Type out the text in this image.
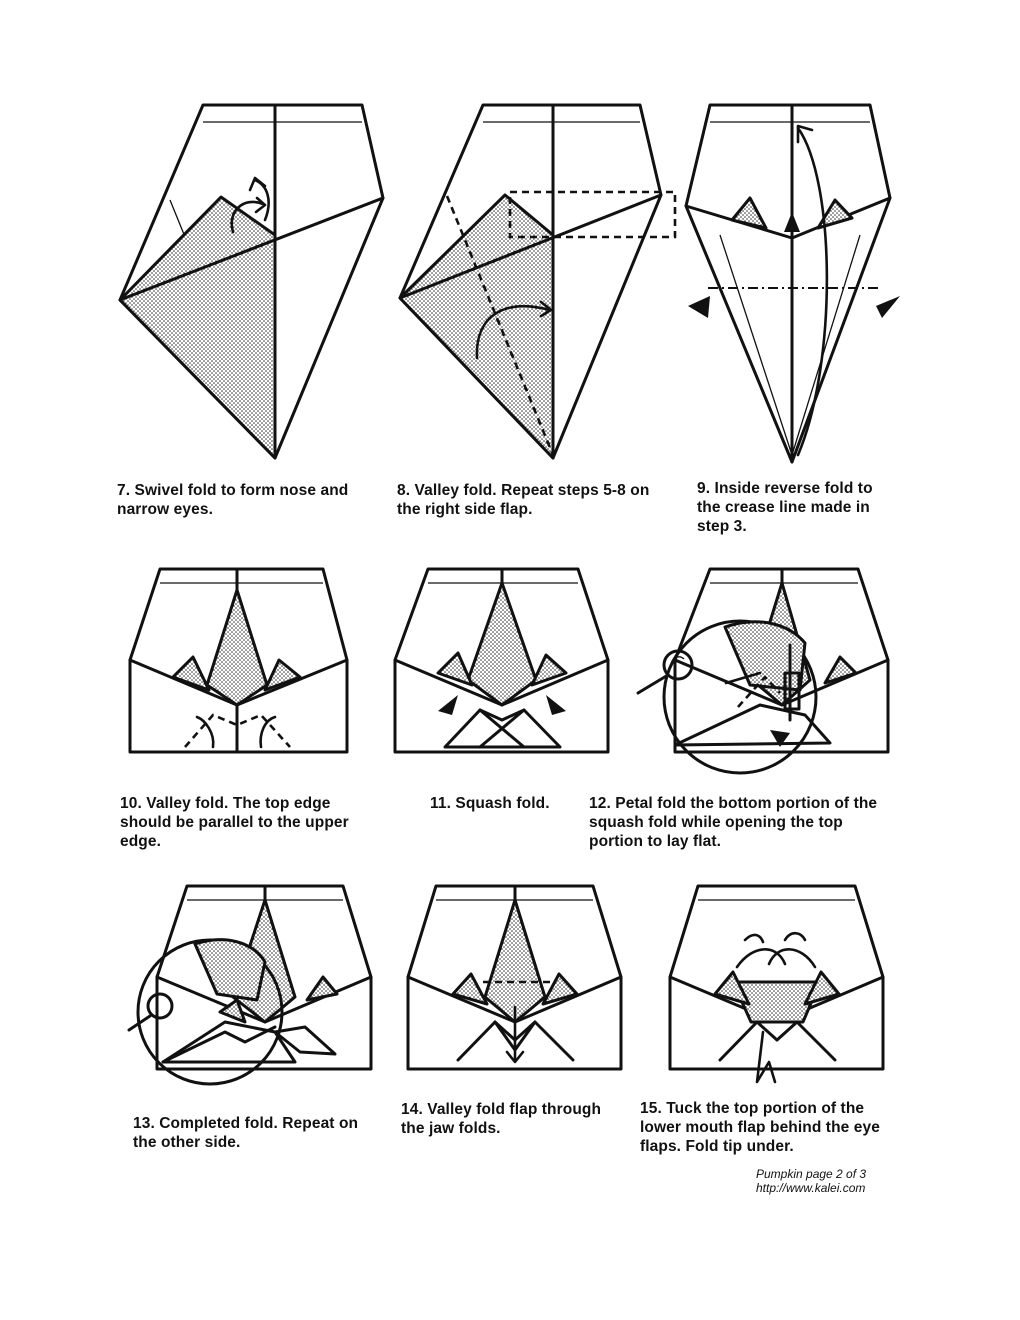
7. Swivel fold to form nose and
narrow eyes.
8. Valley fold. Repeat steps 5-8 on
the right side flap.
9. Inside reverse fold to
the crease line made in
step 3.
10. Valley fold. The top edge
should be parallel to the upper
edge.
11. Squash fold.	12. Petal fold the bottom portion of the
squash fold while opening the top
portion to lay flat.
13. Completed fold. Repeat on
the other side.
14. Valley fold flap through
the jaw folds.
15. Tuck the top portion of the
lower mouth flap behind the eye
flaps. Fold tip under.
Pumpkin page 2 of 3
http://www.kalei.com
